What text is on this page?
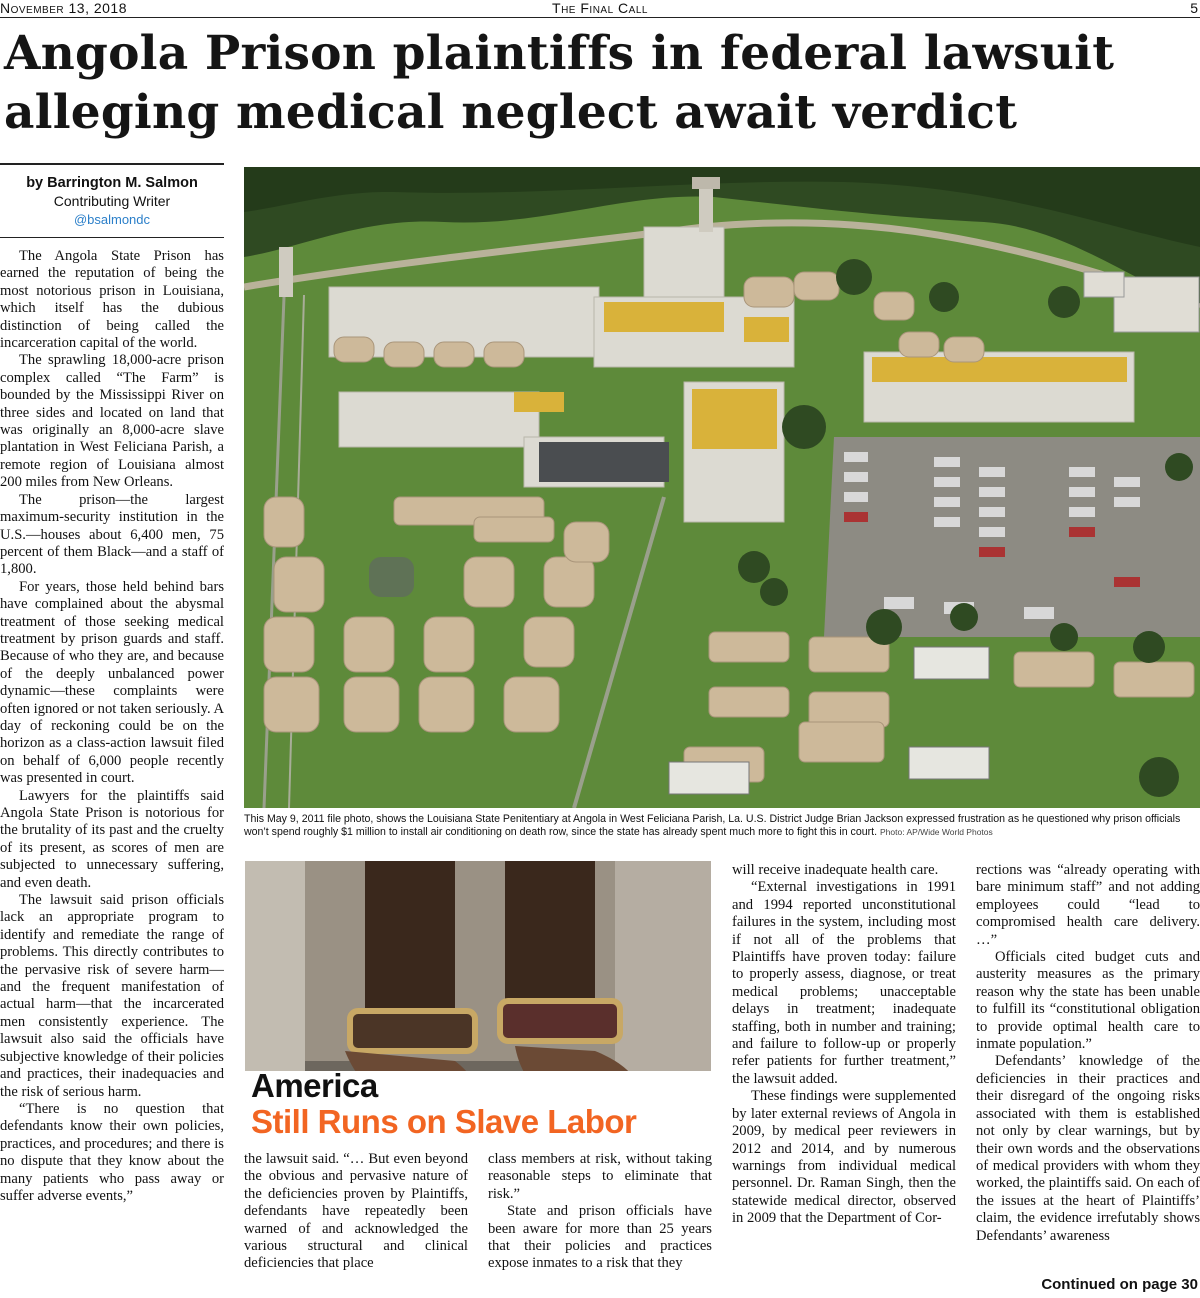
November 13, 2018	The Final Call	5
Angola Prison plaintiffs in federal lawsuit
alleging medical neglect await verdict
by Barrington M. Salmon
Contributing Writer
@bsalmondc

The Angola State Prison has earned the reputation of being the most notorious prison in Louisiana, which itself has the dubious distinction of being called the incarceration capital of the world.

The sprawling 18,000-acre prison complex called “The Farm” is bounded by the Mississippi River on three sides and located on land that was originally an 8,000-acre slave plantation in West Feliciana Parish, a remote region of Louisiana almost 200 miles from New Orleans.

The prison—the largest maximum-security institution in the U.S.—houses about 6,400 men, 75 percent of them Black—and a staff of 1,800.

For years, those held behind bars have complained about the abysmal treatment of those seeking medical treatment by prison guards and staff. Because of who they are, and because of the deeply unbalanced power dynamic—these complaints were often ignored or not taken seriously. A day of reckoning could be on the horizon as a class-action lawsuit filed on behalf of 6,000 people recently was presented in court.

Lawyers for the plaintiffs said Angola State Prison is notorious for the brutality of its past and the cruelty of its present, as scores of men are subjected to unnecessary suffering, and even death.

The lawsuit said prison officials lack an appropriate program to identify and remediate the range of problems. This directly contributes to the pervasive risk of severe harm—and the frequent manifestation of actual harm—that the incarcerated men consistently experience. The lawsuit also said the officials have subjective knowledge of their policies and practices, their inadequacies and the risk of serious harm.

“There is no question that defendants know their own policies, practices, and procedures; and there is no dispute that they know about the many patients who pass away or suffer adverse events,”

This May 9, 2011 file photo, shows the Louisiana State Penitentiary at Angola in West Feliciana Parish, La. U.S. District Judge Brian Jackson expressed frustration as he questioned why prison officials won’t spend roughly $1 million to install air conditioning on death row, since the state has already spent much more to fight this in court. Photo: AP/Wide World Photos
America
Still Runs on Slave Labor

the lawsuit said. “… But even beyond the obvious and pervasive nature of the deficiencies proven by Plaintiffs, defendants have repeatedly been warned of and acknowledged the various structural and clinical deficiencies that place

class members at risk, without taking reasonable steps to eliminate that risk.”

State and prison officials have been aware for more than 25 years that their policies and practices expose inmates to a risk that they

will receive inadequate health care.

“External investigations in 1991 and 1994 reported unconstitutional failures in the system, including most if not all of the problems that Plaintiffs have proven today: failure to properly assess, diagnose, or treat medical problems; unacceptable delays in treatment; inadequate staffing, both in number and training; and failure to follow-up or properly refer patients for further treatment,” the lawsuit added.

These findings were supplemented by later external reviews of Angola in 2009, by medical peer reviewers in 2012 and 2014, and by numerous warnings from individual medical personnel. Dr. Raman Singh, then the statewide medical director, observed in 2009 that the Department of Cor-

rections was “already operating with bare minimum staff” and not adding employees could “lead to compromised health care delivery. …”

Officials cited budget cuts and austerity measures as the primary reason why the state has been unable to fulfill its “constitutional obligation to provide optimal health care to inmate population.”

Defendants’ knowledge of the deficiencies in their practices and their disregard of the ongoing risks associated with them is established not only by clear warnings, but by their own words and the observations of medical providers with whom they worked, the plaintiffs said. On each of the issues at the heart of Plaintiffs’ claim, the evidence irrefutably shows Defendants’ awareness

Continued on page 30
